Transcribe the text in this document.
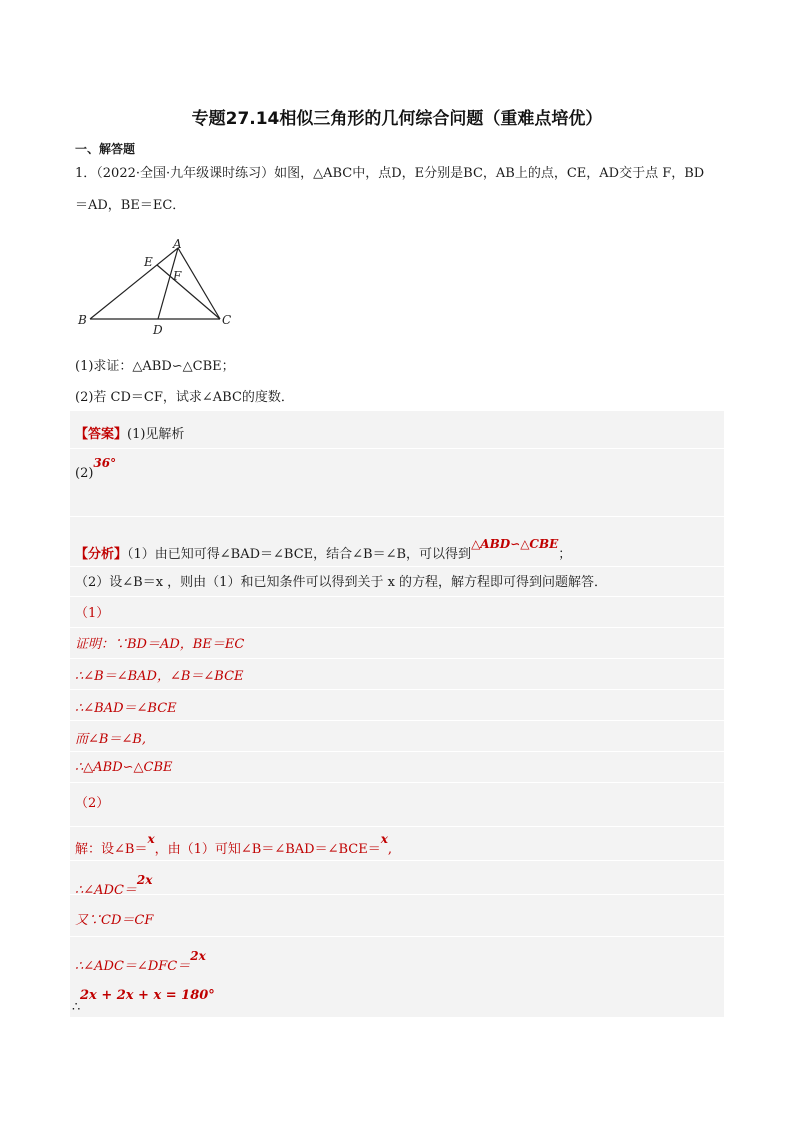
专题27.14相似三角形的几何综合问题（重难点培优）
一、解答题
1．（2022·全国·九年级课时练习）如图，△ABC中，点D，E分别是BC，AB上的点，CE，AD交于点 F，BD
＝AD，BE＝EC．
A
B	C
D
E
F
(1)求证：△ABD∽△CBE；
(2)若 CD＝CF，试求∠ABC的度数．
【答案】(1)见解析
(2)36°
【分析】（1）由已知可得∠BAD＝∠BCE，结合∠B＝∠B，可以得到△ABD∽△CBE；
（2）设∠B＝x ，则由（1）和已知条件可以得到关于 x 的方程，解方程即可得到问题解答．
（1）
证明：∵BD＝AD，BE＝EC
∴∠B＝∠BAD，∠B＝∠BCE
∴∠BAD＝∠BCE
而∠B＝∠B,
∴△ABD∽△CBE
（2）
解：设∠B＝x，由（1）可知∠B＝∠BAD＝∠BCE＝x,
∴∠ADC＝2x
又∵CD＝CF
∴∠ADC＝∠DFC＝2x
2x + 2x + x = 180°
∴
